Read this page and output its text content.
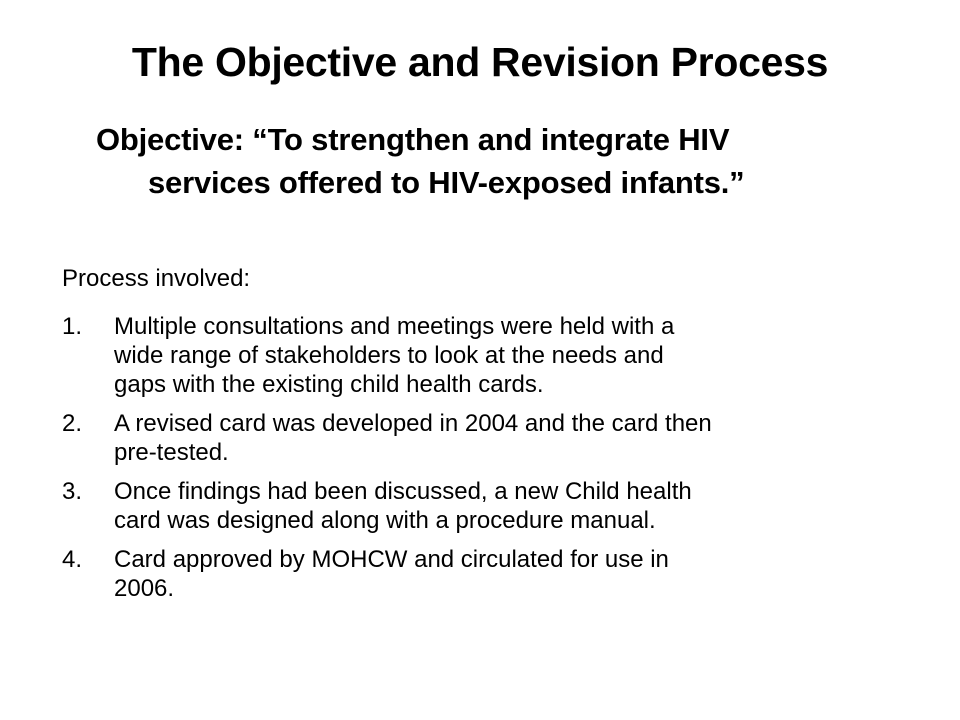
The Objective and Revision Process
Objective: “To strengthen and integrate HIV
services offered to HIV-exposed infants.”
Process involved:
1. Multiple consultations and meetings were held with a
wide range of stakeholders to look at the needs and
gaps with the existing child health cards.
2. A revised card was developed in 2004 and the card then
pre-tested.
3. Once findings had been discussed, a new Child health
card was designed along with a procedure manual.
4. Card approved by MOHCW and circulated for use in
2006.
